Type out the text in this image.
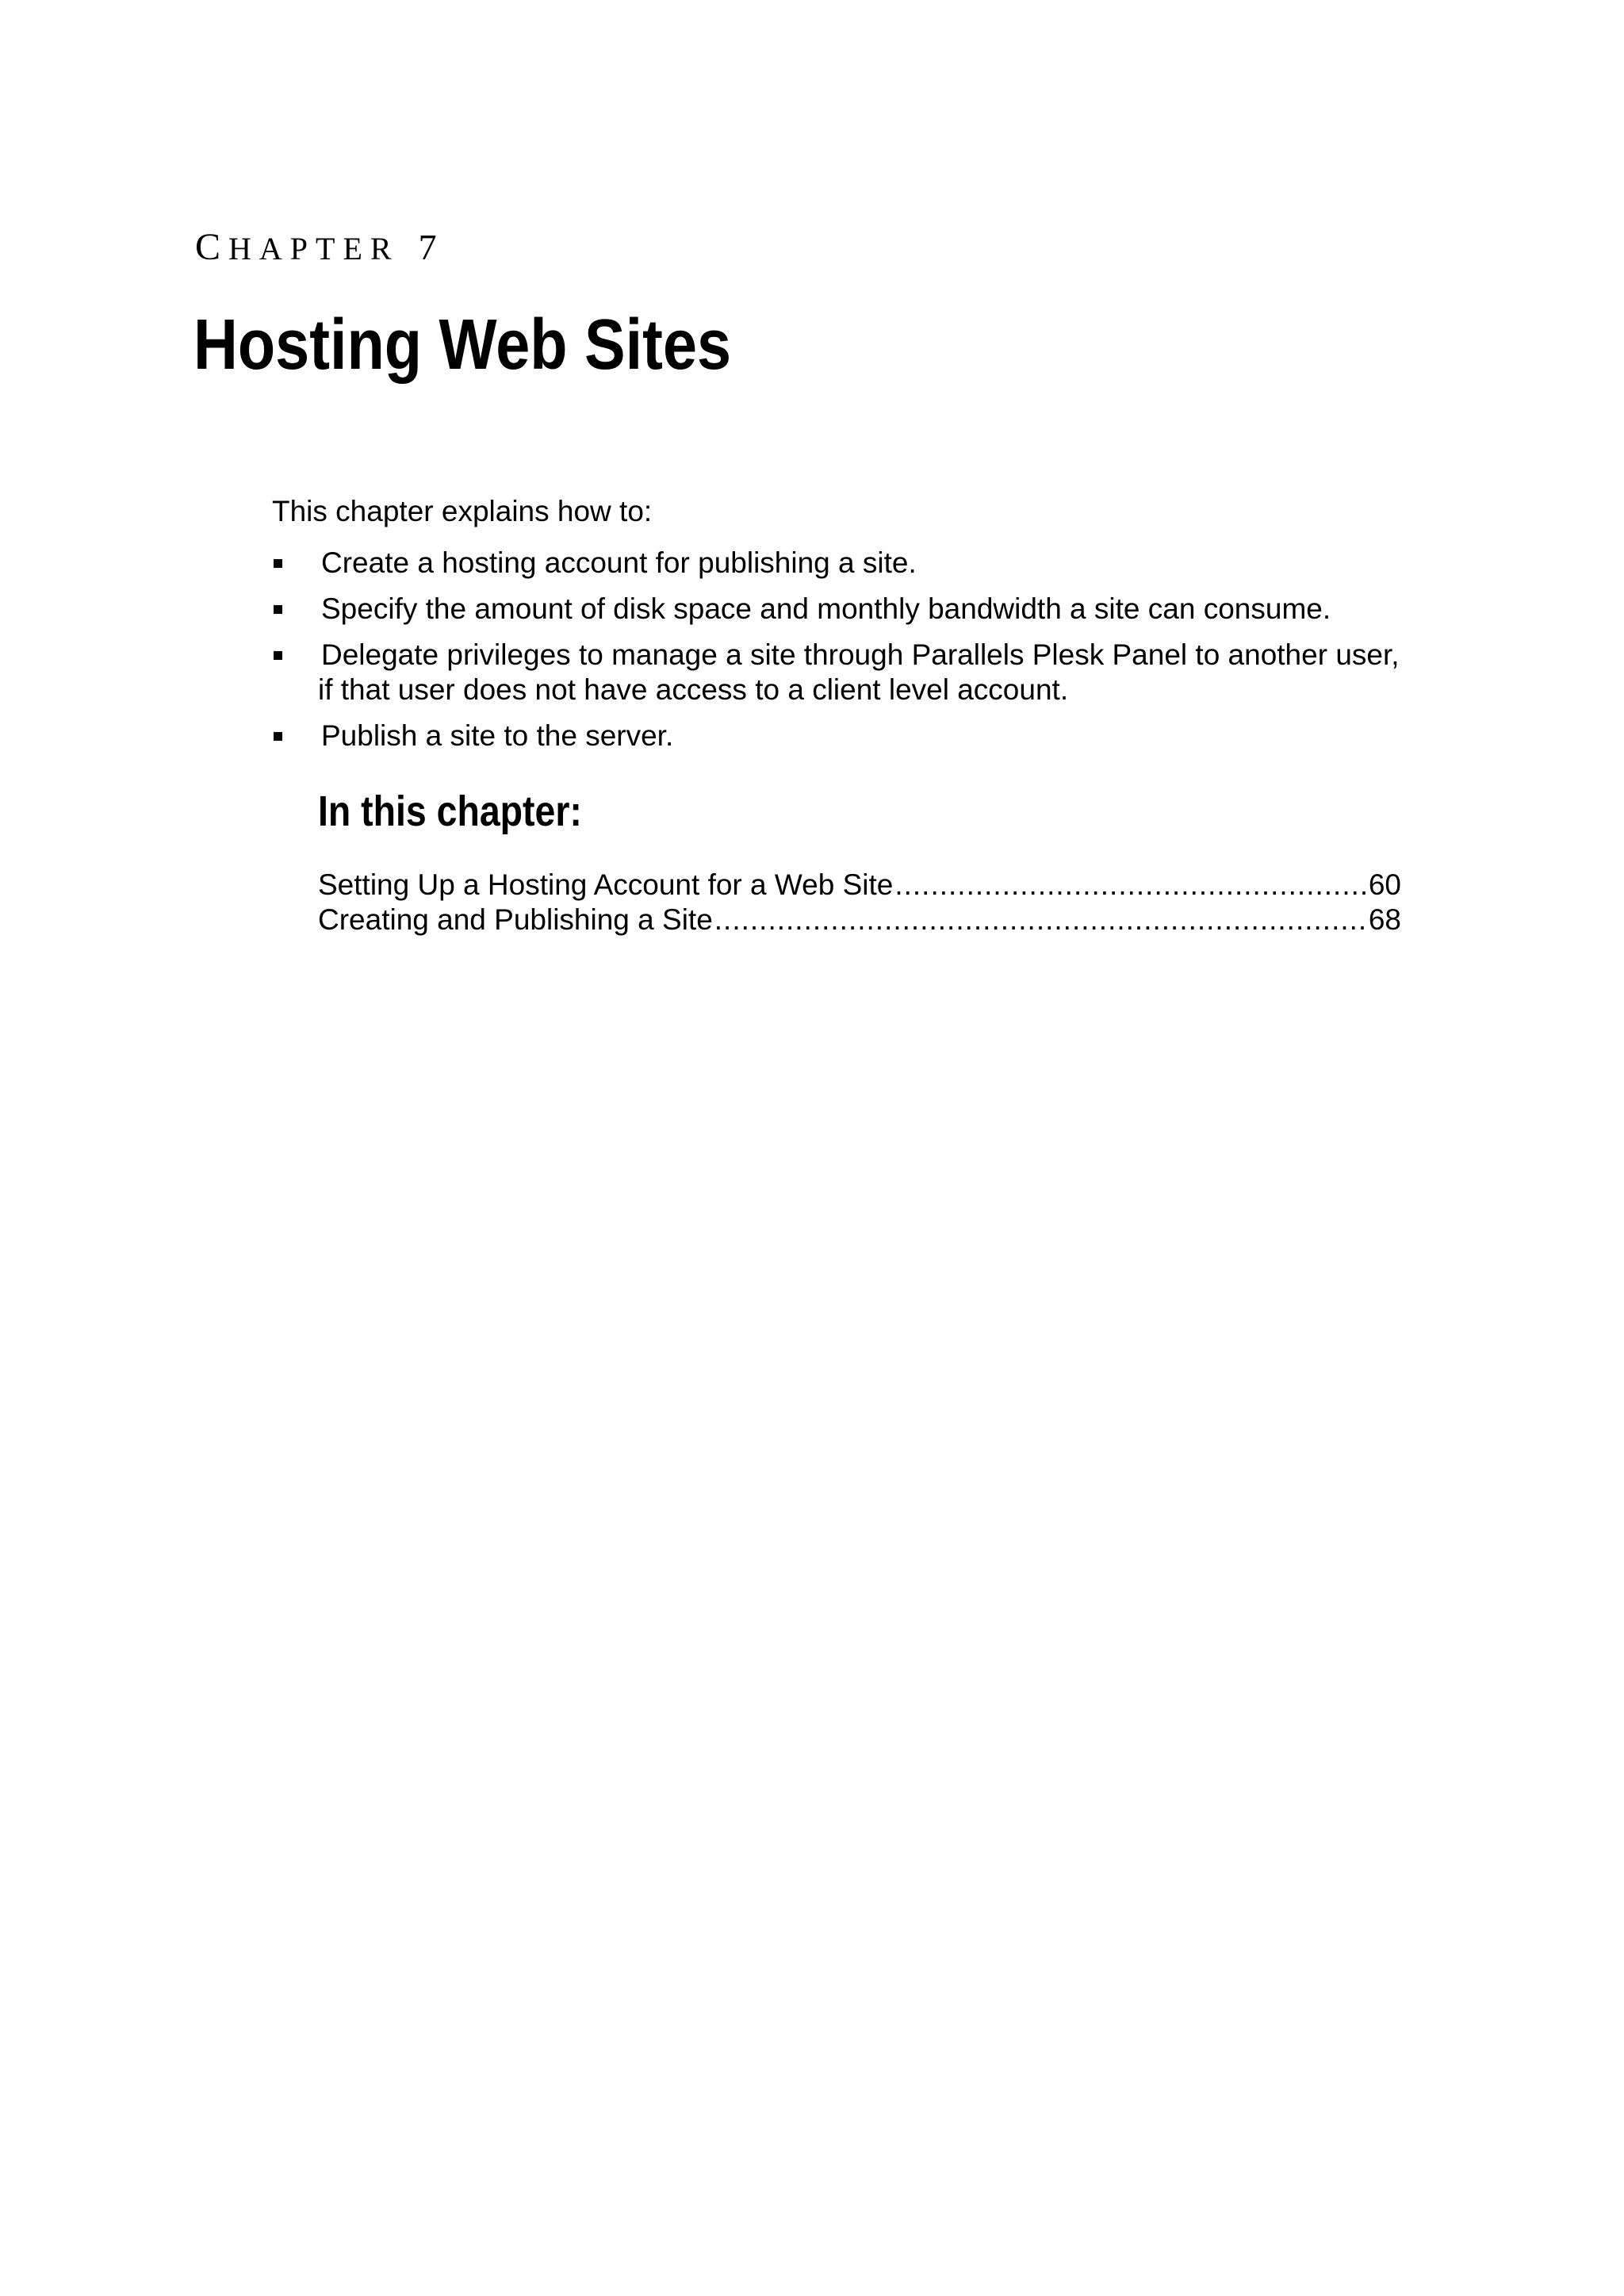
CHAPTER 7
Hosting Web Sites
This chapter explains how to:
Create a hosting account for publishing a site.
Specify the amount of disk space and monthly bandwidth a site can consume.
Delegate privileges to manage a site through Parallels Plesk Panel to another user,
if that user does not have access to a client level account.
Publish a site to the server.
In this chapter:
Setting Up a Hosting Account for a Web Site .....	60
Creating and Publishing a Site .....	68
